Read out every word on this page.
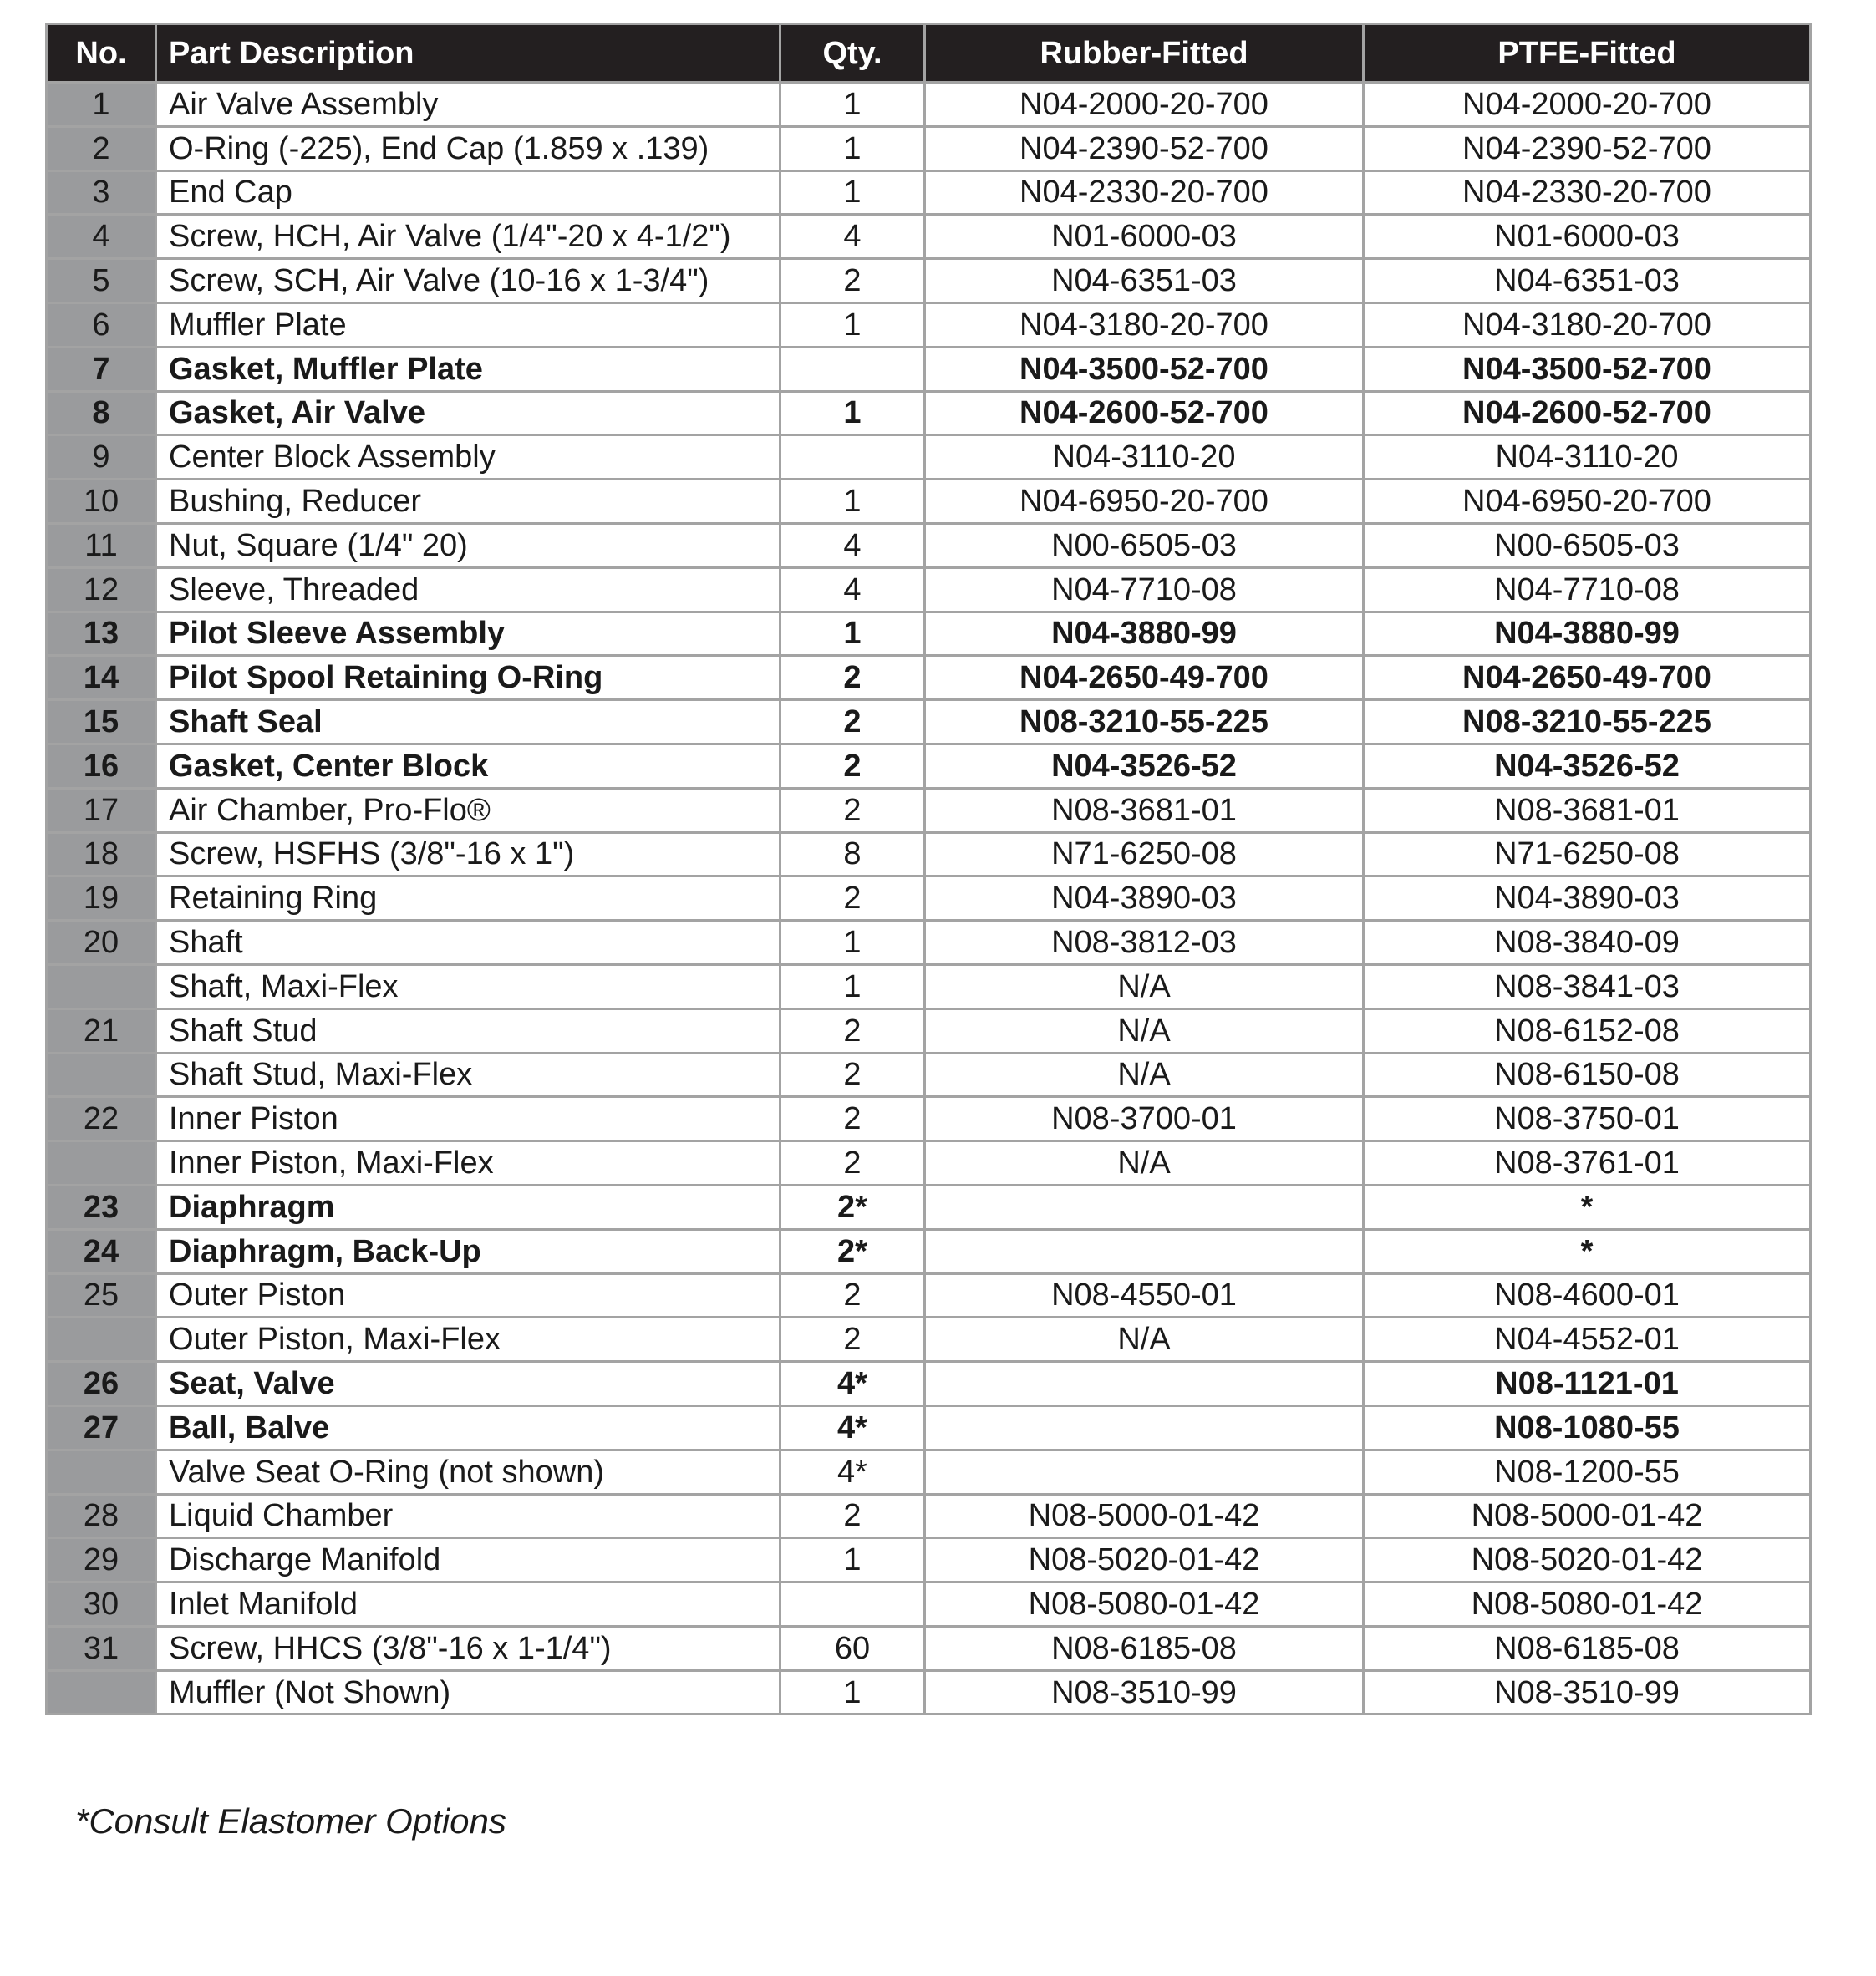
No.	Part Description	Qty.	Rubber-Fitted	PTFE-Fitted
1	Air Valve Assembly	1	N04-2000-20-700	N04-2000-20-700
2	O-Ring (-225), End Cap (1.859 x .139)	1	N04-2390-52-700	N04-2390-52-700
3	End Cap	1	N04-2330-20-700	N04-2330-20-700
4	Screw, HCH, Air Valve (1/4"-20 x 4-1/2")	4	N01-6000-03	N01-6000-03
5	Screw, SCH, Air Valve (10-16 x 1-3/4")	2	N04-6351-03	N04-6351-03
6	Muffler Plate	1	N04-3180-20-700	N04-3180-20-700
7	Gasket, Muffler Plate		N04-3500-52-700	N04-3500-52-700
8	Gasket, Air Valve	1	N04-2600-52-700	N04-2600-52-700
9	Center Block Assembly		N04-3110-20	N04-3110-20
10	Bushing, Reducer	1	N04-6950-20-700	N04-6950-20-700
11	Nut, Square (1/4" 20)	4	N00-6505-03	N00-6505-03
12	Sleeve, Threaded	4	N04-7710-08	N04-7710-08
13	Pilot Sleeve Assembly	1	N04-3880-99	N04-3880-99
14	Pilot Spool Retaining O-Ring	2	N04-2650-49-700	N04-2650-49-700
15	Shaft Seal	2	N08-3210-55-225	N08-3210-55-225
16	Gasket, Center Block	2	N04-3526-52	N04-3526-52
17	Air Chamber, Pro-Flo®	2	N08-3681-01	N08-3681-01
18	Screw, HSFHS (3/8"-16 x 1")	8	N71-6250-08	N71-6250-08
19	Retaining Ring	2	N04-3890-03	N04-3890-03
20	Shaft	1	N08-3812-03	N08-3840-09
	Shaft, Maxi-Flex	1	N/A	N08-3841-03
21	Shaft Stud	2	N/A	N08-6152-08
	Shaft Stud, Maxi-Flex	2	N/A	N08-6150-08
22	Inner Piston	2	N08-3700-01	N08-3750-01
	Inner Piston, Maxi-Flex	2	N/A	N08-3761-01
23	Diaphragm	2*		*
24	Diaphragm, Back-Up	2*		*
25	Outer Piston	2	N08-4550-01	N08-4600-01
	Outer Piston, Maxi-Flex	2	N/A	N04-4552-01
26	Seat, Valve	4*		N08-1121-01
27	Ball, Balve	4*		N08-1080-55
	Valve Seat O-Ring (not shown)	4*		N08-1200-55
28	Liquid Chamber	2	N08-5000-01-42	N08-5000-01-42
29	Discharge Manifold	1	N08-5020-01-42	N08-5020-01-42
30	Inlet Manifold		N08-5080-01-42	N08-5080-01-42
31	Screw, HHCS (3/8"-16 x 1-1/4")	60	N08-6185-08	N08-6185-08
	Muffler (Not Shown)	1	N08-3510-99	N08-3510-99
*Consult Elastomer Options
